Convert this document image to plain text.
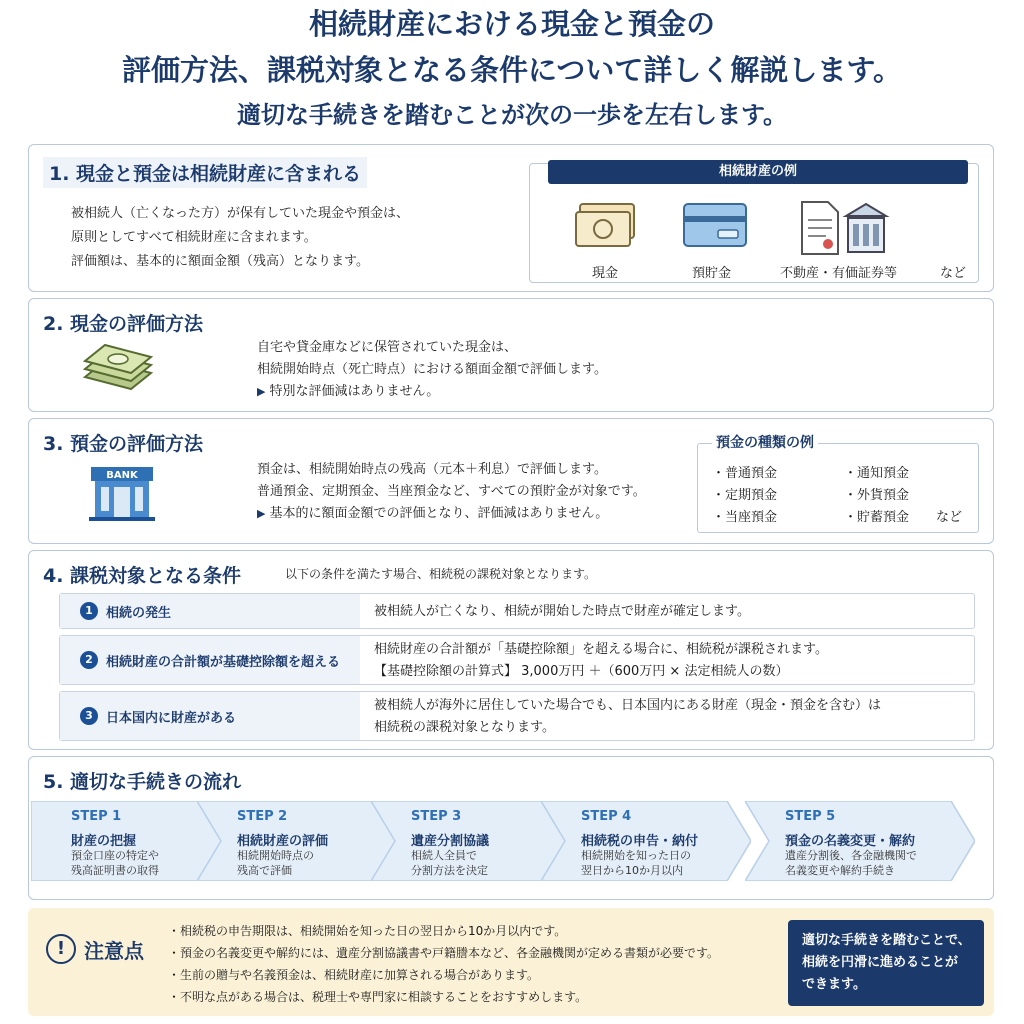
相続財産における現金と預金の
評価方法、課税対象となる条件について詳しく解説します。
適切な手続きを踏むことが次の一歩を左右します。
1. 現金と預金は相続財産に含まれる
被相続人（亡くなった方）が保有していた現金や預金は、
原則としてすべて相続財産に含まれます。
評価額は、基本的に額面金額（残高）となります。
相続財産の例
現金	預貯金	不動産・有価証券等	など
2. 現金の評価方法
自宅や貸金庫などに保管されていた現金は、
相続開始時点（死亡時点）における額面金額で評価します。
▶ 特別な評価減はありません。
3. 預金の評価方法
BANK	預金は、相続開始時点の残高（元本＋利息）で評価します。
普通預金、定期預金、当座預金など、すべての預貯金が対象です。
▶ 基本的に額面金額での評価となり、評価減はありません。
預金の種類の例
・普通預金	・通知預金
・定期預金	・外貨預金
・当座預金	・貯蓄預金 など
4. 課税対象となる条件	以下の条件を満たす場合、相続税の課税対象となります。
1	相続の発生	被相続人が亡くなり、相続が開始した時点で財産が確定します。
2	相続財産の合計額が基礎控除額を超える
相続財産の合計額が「基礎控除額」を超える場合に、相続税が課税されます。
【基礎控除額の計算式】 3,000万円 ＋（600万円 × 法定相続人の数）
3	日本国内に財産がある
被相続人が海外に居住していた場合でも、日本国内にある財産（現金・預金を含む）は
相続税の課税対象となります。
5. 適切な手続きの流れ
STEP 1
財産の把握
預金口座の特定や
残高証明書の取得
STEP 2
相続財産の評価
相続開始時点の
残高で評価
STEP 3
遺産分割協議
相続人全員で
分割方法を決定
STEP 4
相続税の申告・納付
相続開始を知った日の
翌日から10か月以内
STEP 5
預金の名義変更・解約
遺産分割後、各金融機関で
名義変更や解約手続き
! 注意点
・相続税の申告期限は、相続開始を知った日の翌日から10か月以内です。
・預金の名義変更や解約には、遺産分割協議書や戸籍謄本など、各金融機関が定める書類が必要です。
・生前の贈与や名義預金は、相続財産に加算される場合があります。
・不明な点がある場合は、税理士や専門家に相談することをおすすめします。
適切な手続きを踏むことで、
相続を円滑に進めることが
できます。
